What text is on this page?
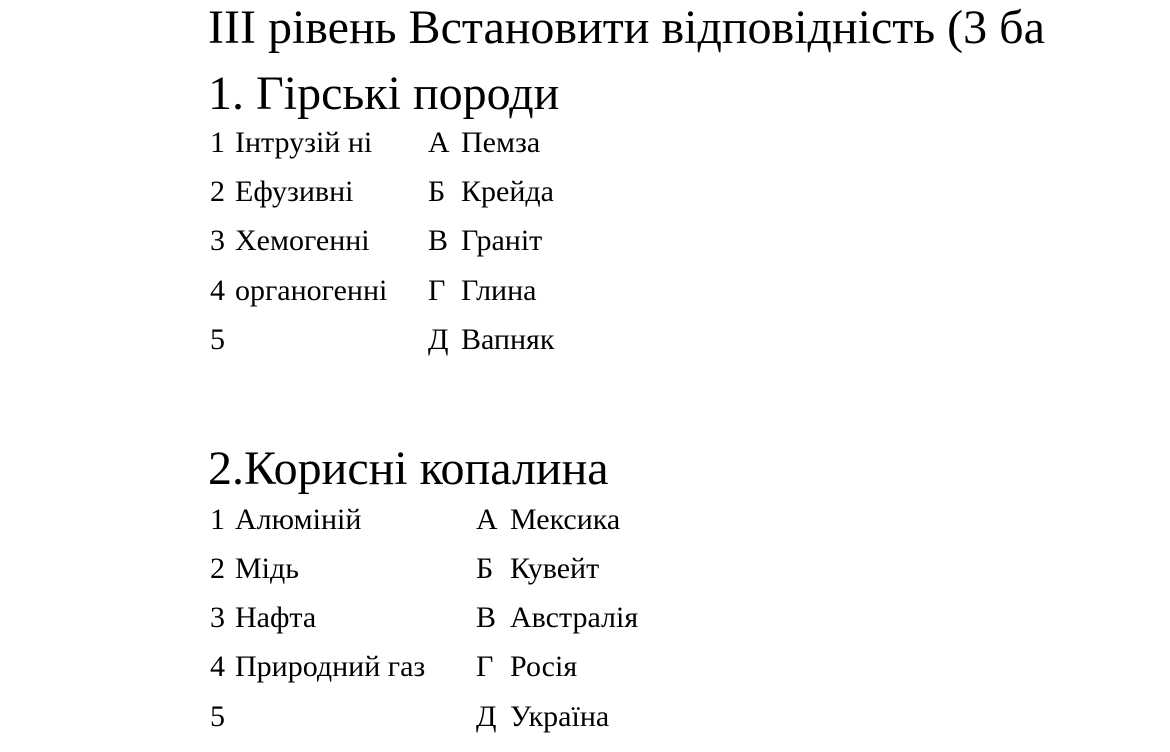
ІІІ рівень Встановити відповідність (3 ба
1. Гірські породи
1 Інтрузій ні А Пемза
2 Ефузивні Б Крейда
3 Хемогенні В Граніт
4 органогенні Г Глина
5	Д Вапняк
2.Корисні копалина
1 Алюміній	А Мексика
2 Мідь	Б Кувейт
3 Нафта	В Австралія
4 Природний газ Г Росія
5	Д Україна
